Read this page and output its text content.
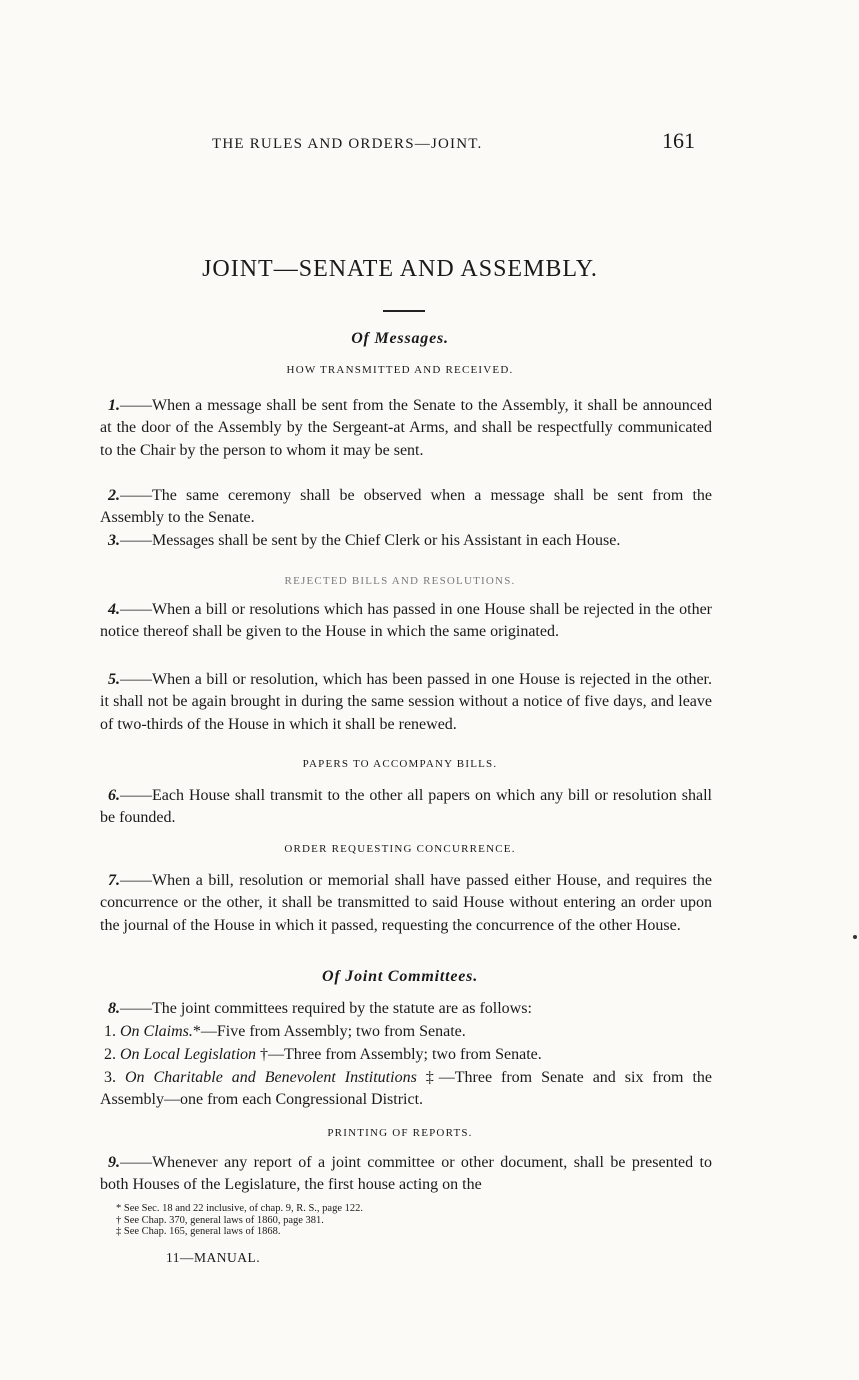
THE RULES AND ORDERS—JOINT.	161
JOINT—SENATE AND ASSEMBLY.
Of Messages.
HOW TRANSMITTED AND RECEIVED.
1.——When a message shall be sent from the Senate to the Assembly, it shall be announced at the door of the Assembly by the Sergeant-at Arms, and shall be respectfully communicated to the Chair by the person to whom it may be sent.
2.——The same ceremony shall be observed when a message shall be sent from the Assembly to the Senate.
3.——Messages shall be sent by the Chief Clerk or his Assistant in each House.
REJECTED BILLS AND RESOLUTIONS.
4.——When a bill or resolutions which has passed in one House shall be rejected in the other notice thereof shall be given to the House in which the same originated.
5.——When a bill or resolution, which has been passed in one House is rejected in the other. it shall not be again brought in during the same session without a notice of five days, and leave of two-thirds of the House in which it shall be renewed.
PAPERS TO ACCOMPANY BILLS.
6.——Each House shall transmit to the other all papers on which any bill or resolution shall be founded.
ORDER REQUESTING CONCURRENCE.
7.——When a bill, resolution or memorial shall have passed either House, and requires the concurrence or the other, it shall be transmitted to said House without entering an order upon the journal of the House in which it passed, requesting the concurrence of the other House.
Of Joint Committees.
8.——The joint committees required by the statute are as follows:
1. On Claims.*—Five from Assembly; two from Senate.
2. On Local Legislation †—Three from Assembly; two from Senate.
3. On Charitable and Benevolent Institutions ‡—Three from Senate and six from the Assembly—one from each Congressional District.
PRINTING OF REPORTS.
9.——Whenever any report of a joint committee or other document, shall be presented to both Houses of the Legislature, the first house acting on the
* See Sec. 18 and 22 inclusive, of chap. 9, R. S., page 122.
† See Chap. 370, general laws of 1860, page 381.
‡ See Chap. 165, general laws of 1868.
11—MANUAL.
